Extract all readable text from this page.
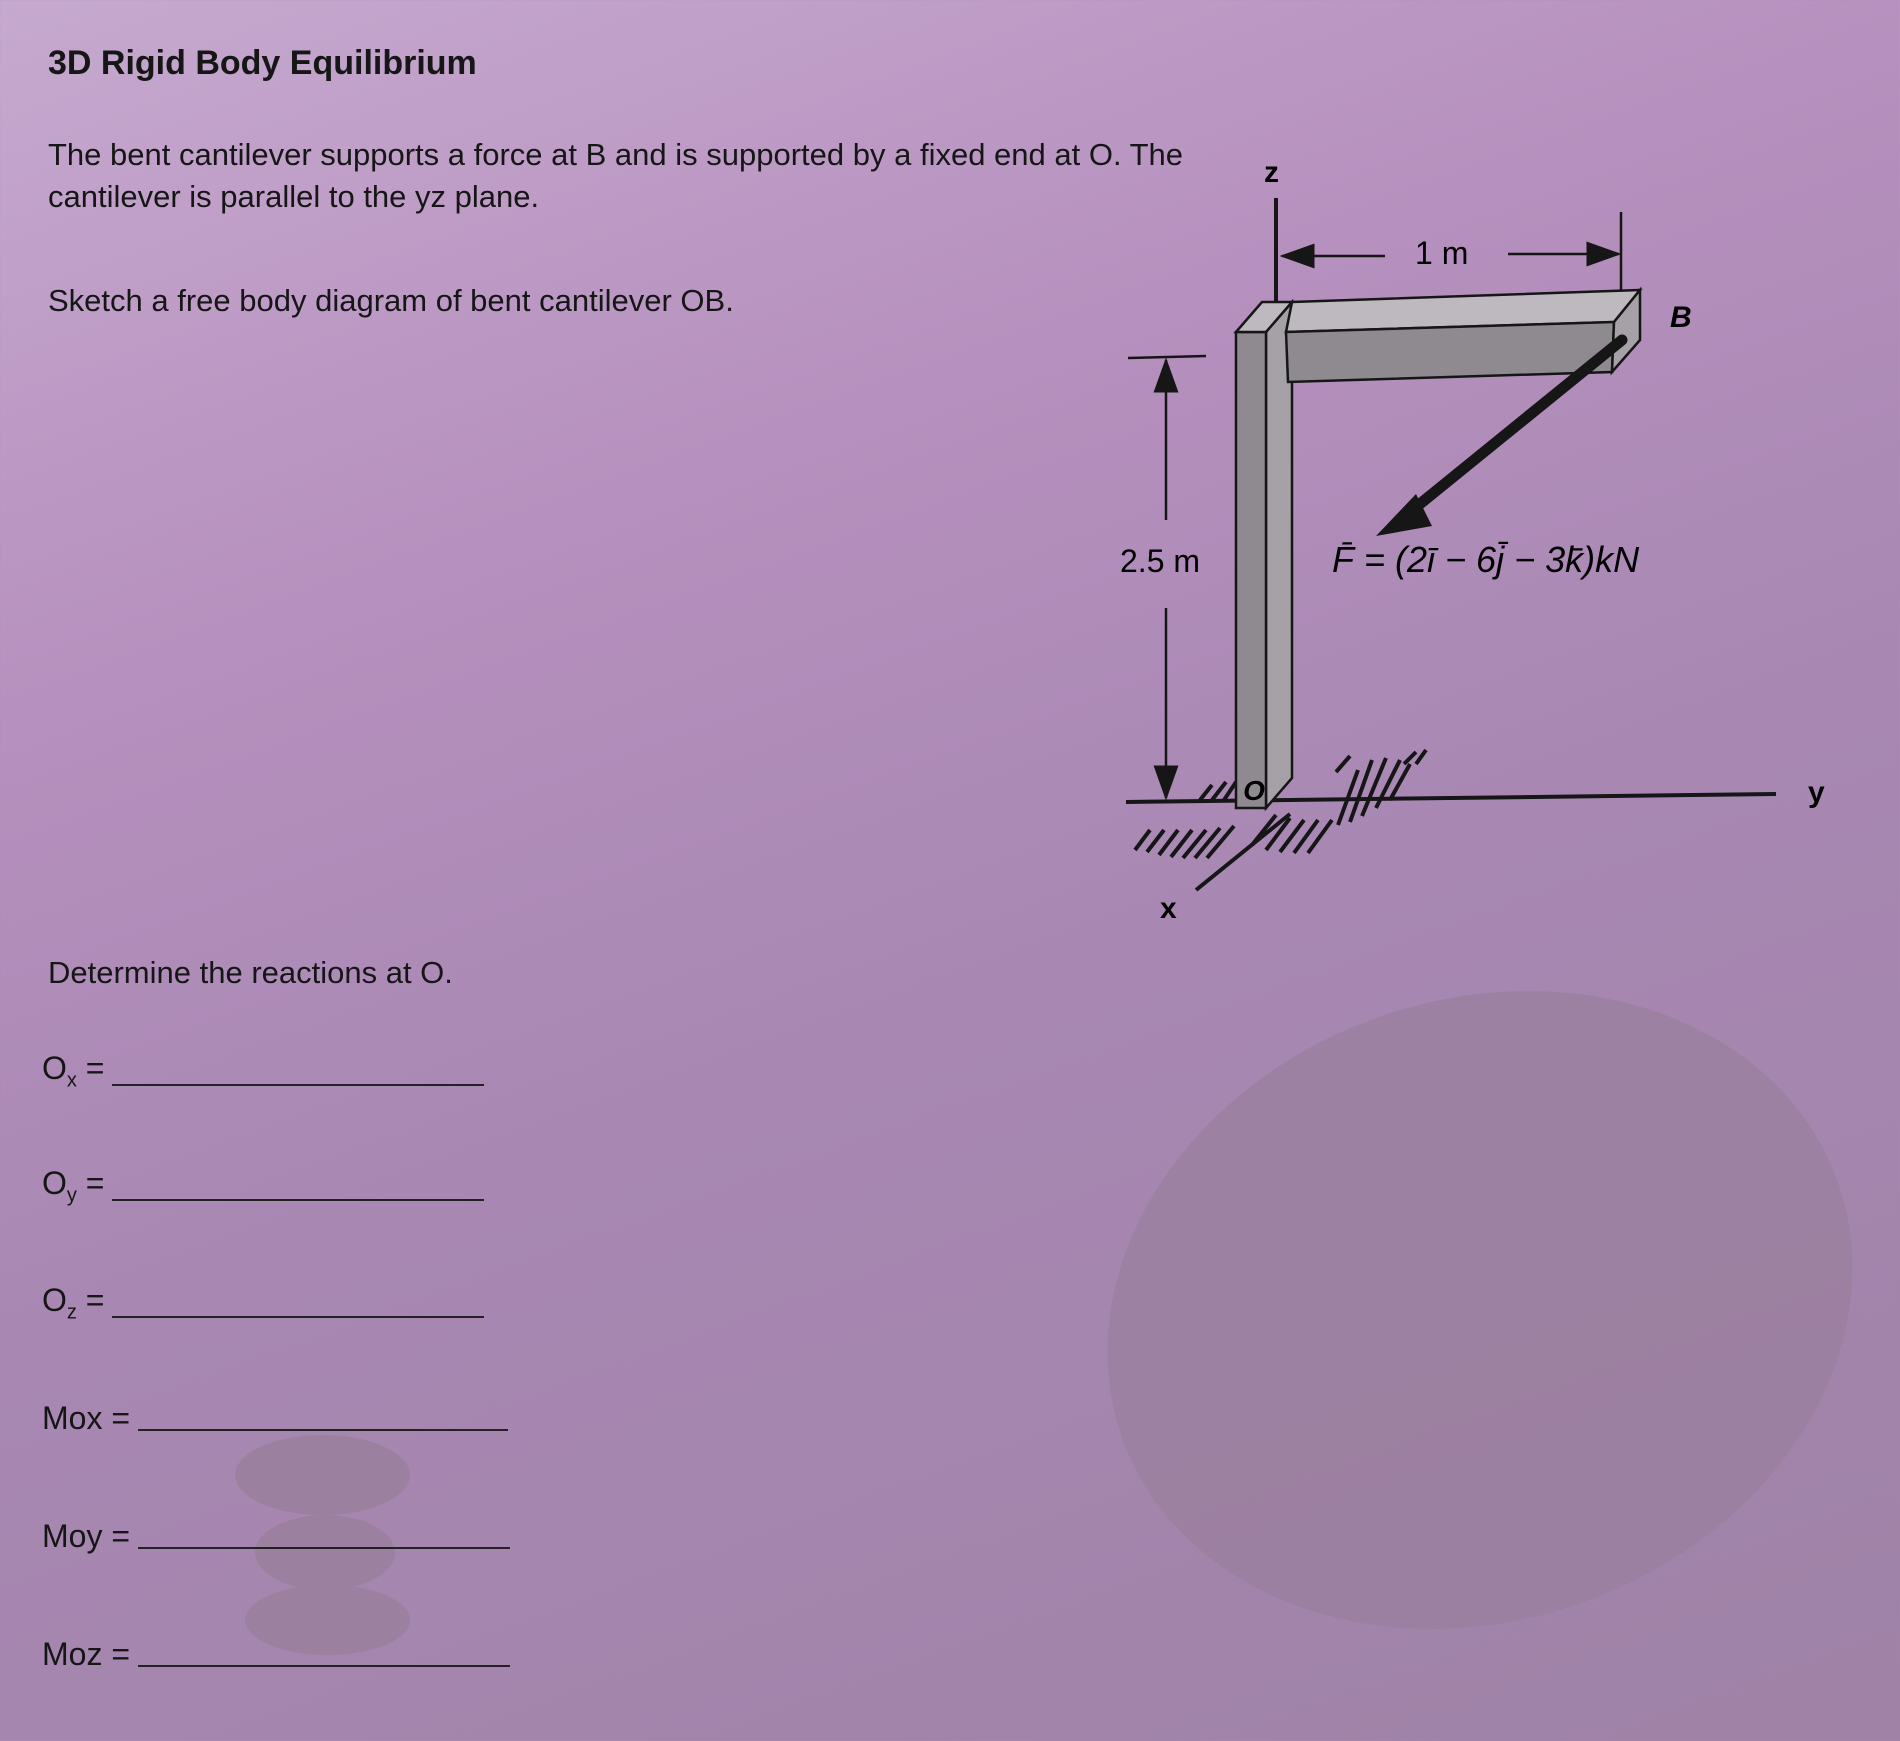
3D Rigid Body Equilibrium
The bent cantilever supports a force at B and is supported by a fixed end at O. The cantilever is parallel to the yz plane.
Sketch a free body diagram of bent cantilever OB.
Determine the reactions at O.
$O_x$ =
$O_y$ =
$O_z$ =
Mox =
Moy =
Moz =
z
1 m
2.5 m
x
y
O
B
F̄ = (2ī − 6j̄ − 3k̄)kN
